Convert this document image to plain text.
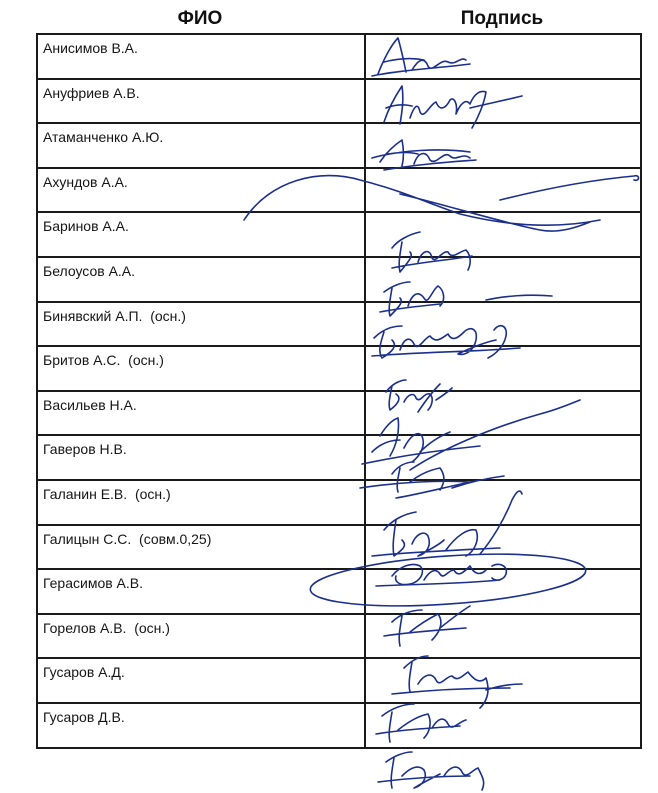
ФИО	Подпись
Анисимов В.А.	

Ануфриев А.В.	

Атаманченко А.Ю.	

Ахундов А.А.	

Баринов А.А.	

Белоусов А.А.	

Бинявский А.П.  (осн.)	

Бритов А.С.  (осн.)	

Васильев Н.А.	

Гаверов Н.В.	

Галанин Е.В.  (осн.)	

Галицын С.С.  (совм.0,25)	

Герасимов А.В.	

Горелов А.В.  (осн.)	

Гусаров А.Д.	

Гусаров Д.В.	
